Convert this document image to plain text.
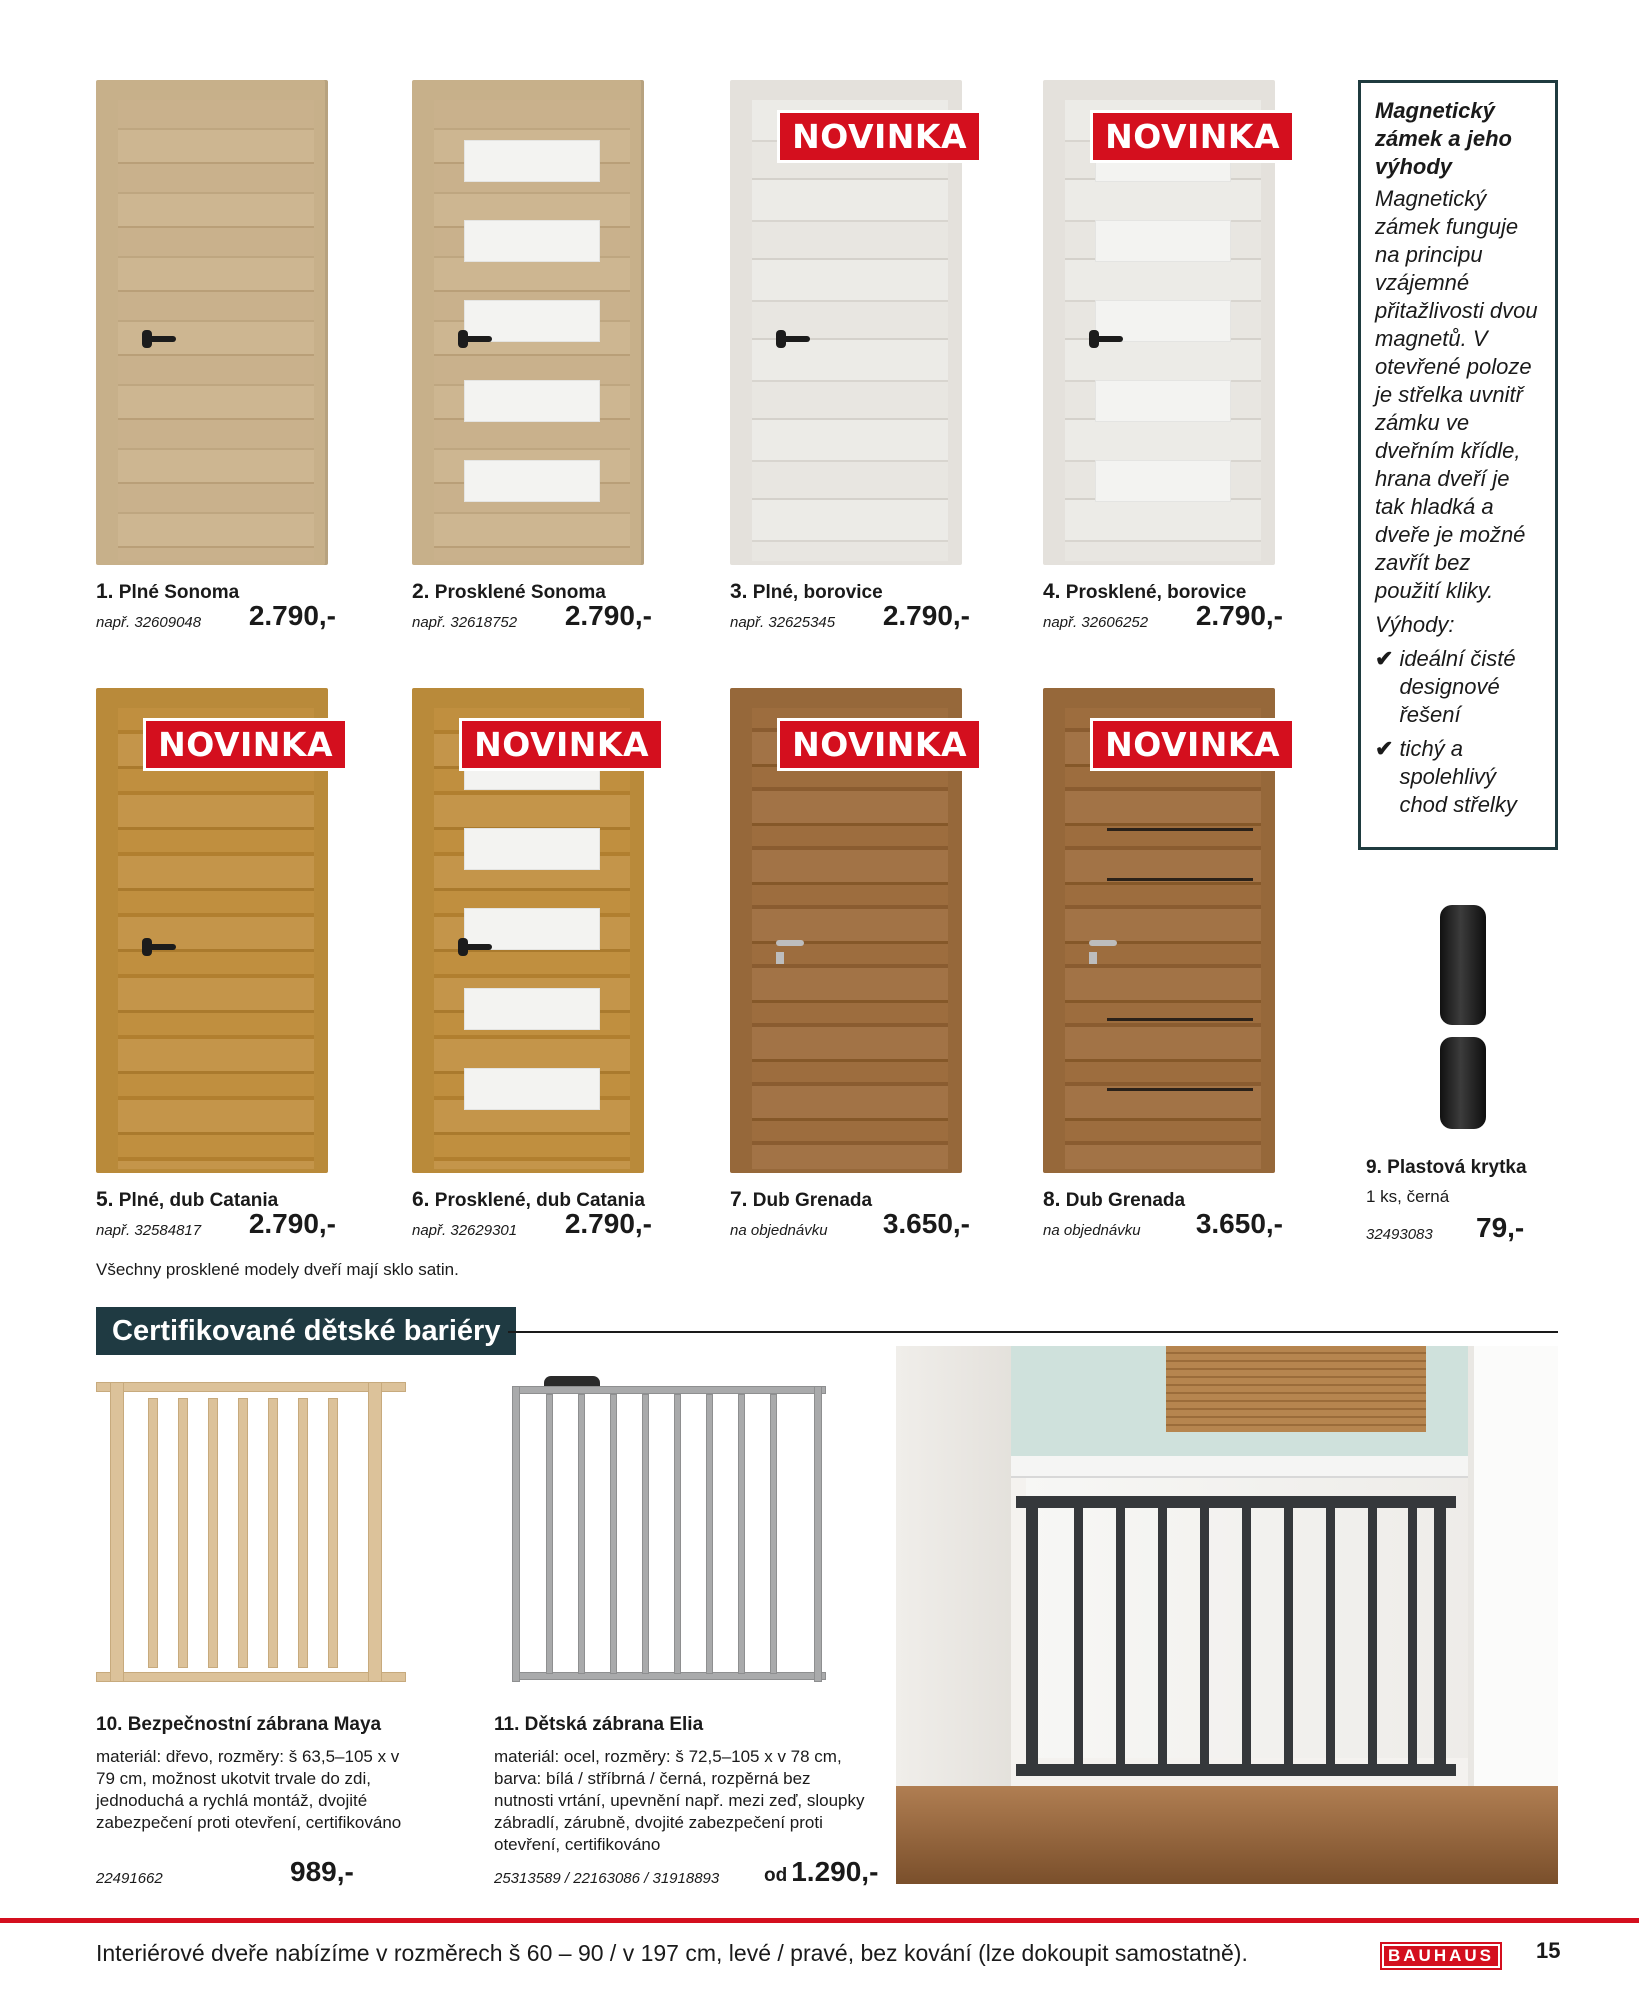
1. Plné Sonoma
např. 32609048 2.790,-
2. Prosklené Sonoma
např. 32618752 2.790,-
NOVINKA
3. Plné, borovice
např. 32625345 2.790,-
NOVINKA
4. Prosklené, borovice
např. 32606252 2.790,-
NOVINKA
5. Plné, dub Catania
např. 32584817 2.790,-
NOVINKA
6. Prosklené, dub Catania
např. 32629301 2.790,-
NOVINKA
7. Dub Grenada
na objednávku 3.650,-
NOVINKA
8. Dub Grenada
na objednávku 3.650,-
Všechny prosklené modely dveří mají sklo satin.
Magnetický zámek a jeho výhody
Magnetický zámek funguje na principu vzájemné přitažlivosti dvou magnetů. V otevřené poloze je střelka uvnitř zámku ve dveřním křídle, hrana dveří je tak hladká a dveře je možné zavřít bez použití kliky.
Výhody:
✔ ideální čisté designové řešení
✔ tichý a spolehlivý chod střelky
9. Plastová krytka
1 ks, černá
32493083 79,-
Certifikované dětské bariéry
10. Bezpečnostní zábrana Maya
materiál: dřevo, rozměry: š 63,5–105 x v 79 cm, možnost ukotvit trvale do zdi, jednoduchá a rychlá montáž, dvojité zabezpečení proti otevření, certifikováno
22491662	989,-
11. Dětská zábrana Elia
materiál: ocel, rozměry: š 72,5–105 x v 78 cm, barva: bílá / stříbrná / černá, rozpěrná bez nutnosti vrtání, upevnění např. mezi zeď, sloupky zábradlí, zárubně, dvojité zabezpečení proti otevření, certifikováno
25313589 / 22163086 / 31918893 od 1.290,-
Interiérové dveře nabízíme v rozměrech š 60 – 90 / v 197 cm, levé / pravé, bez kování (lze dokoupit samostatně).	BAUHAUS	15
